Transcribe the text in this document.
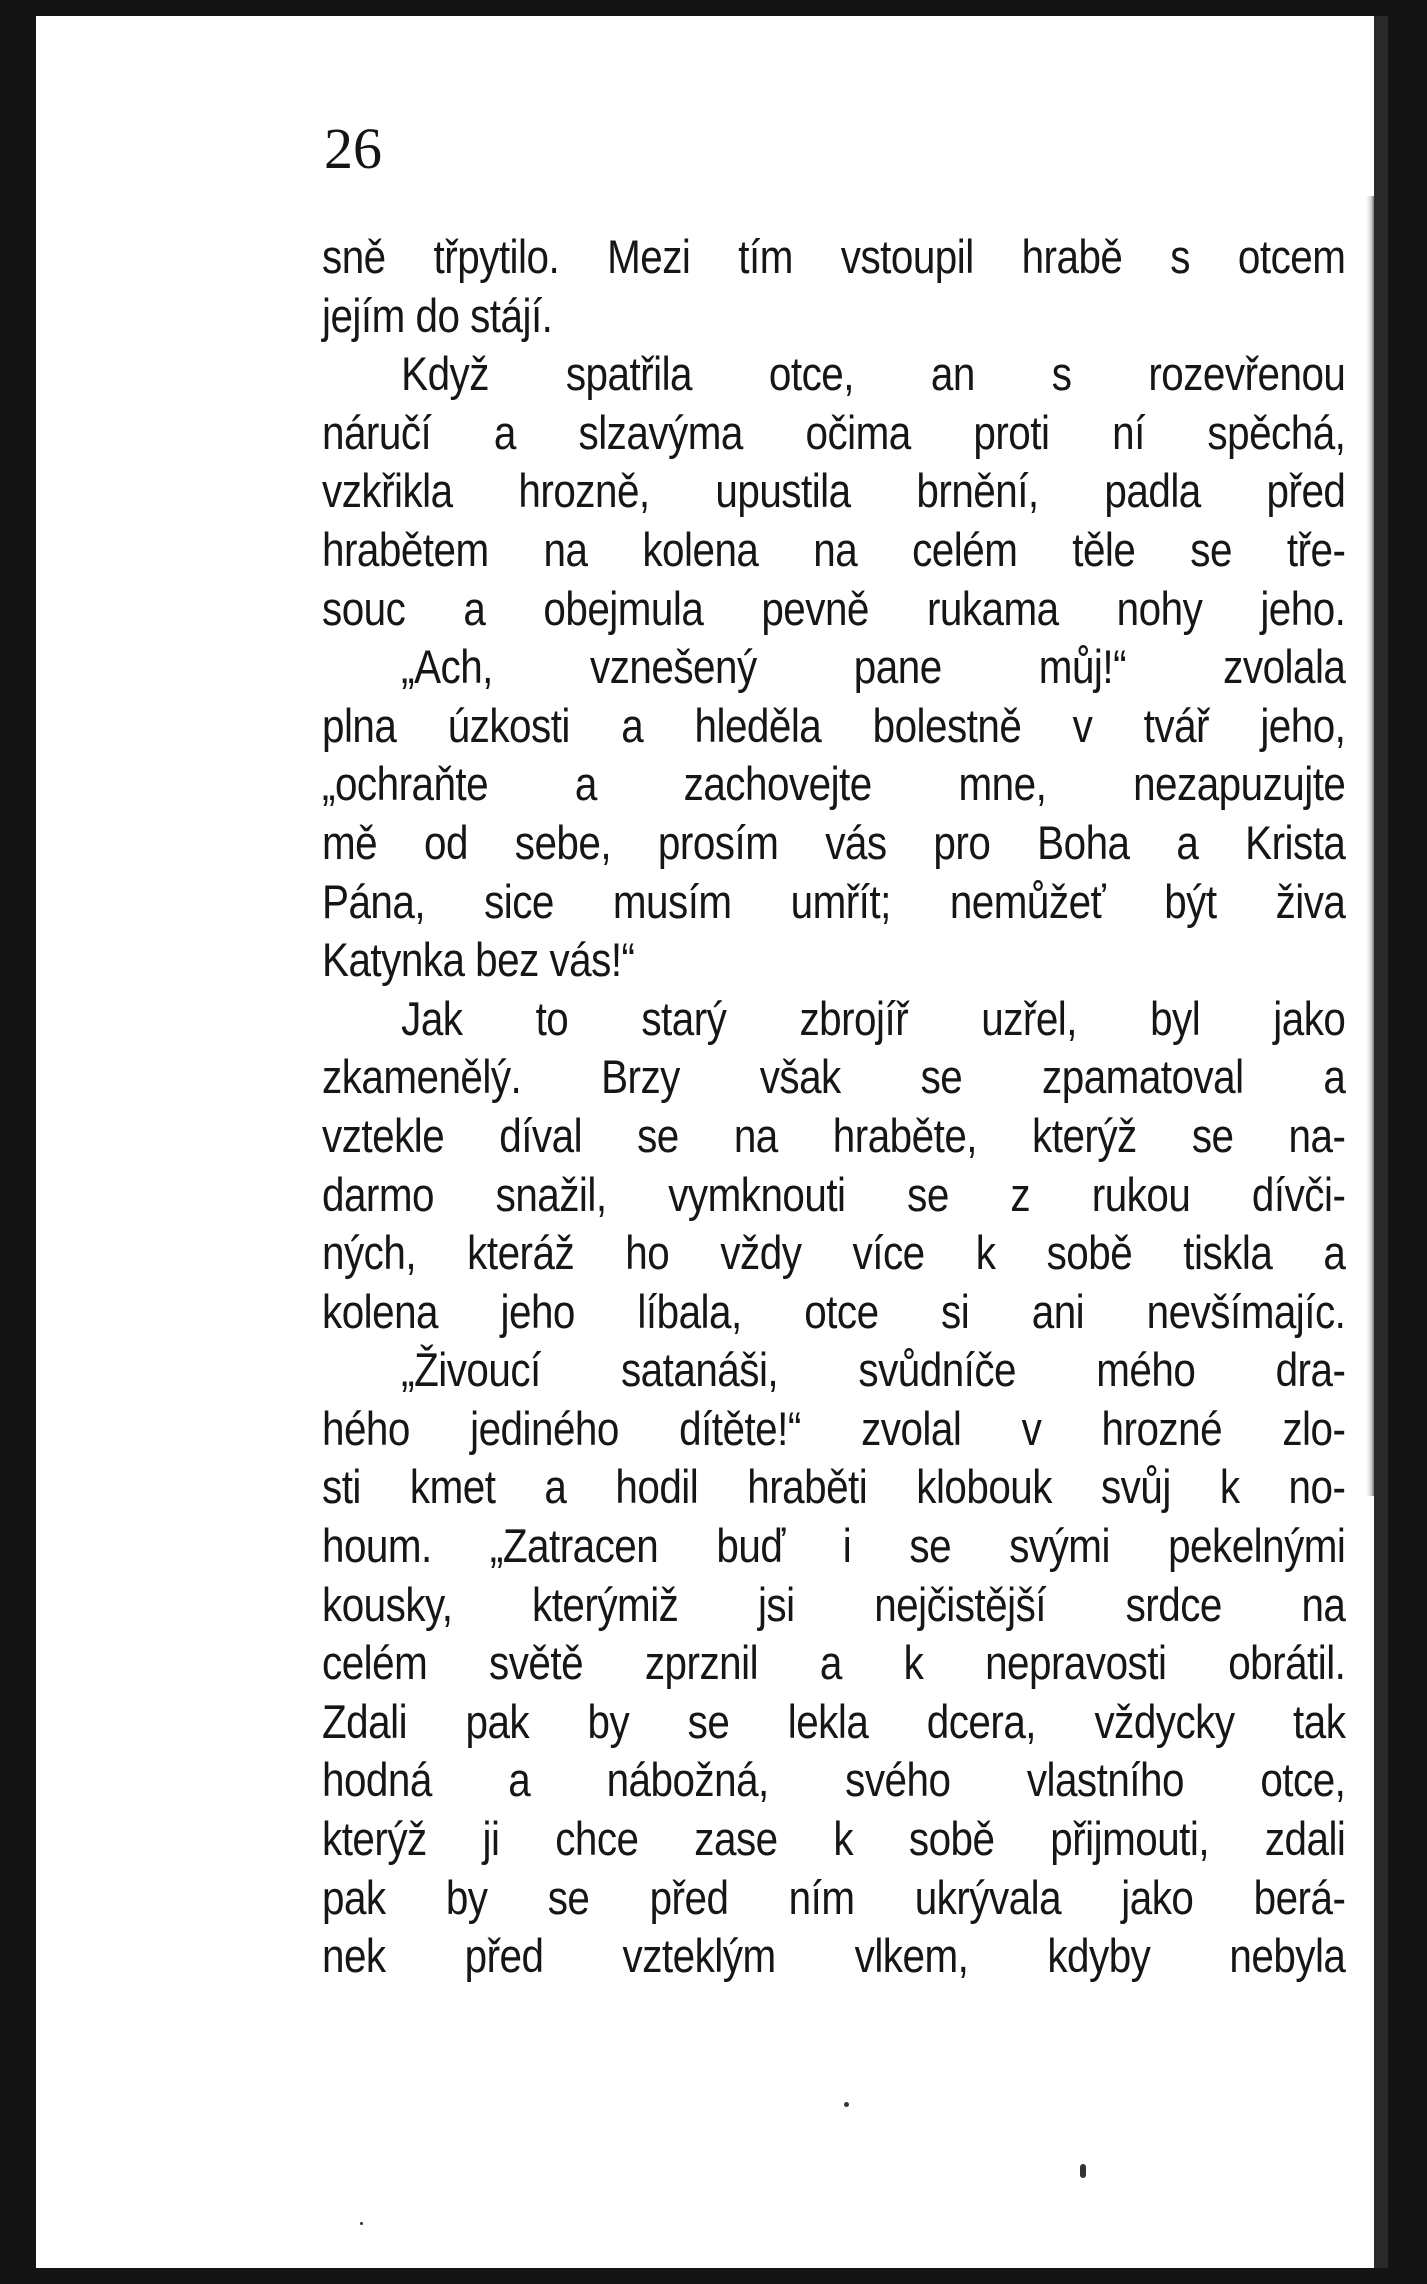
26
sně třpytilo. Mezi tím vstoupil hrabě s otcem
jejím do stájí.
Když spatřila otce, an s rozevřenou
náručí a slzavýma očima proti ní spěchá,
vzkřikla hrozně, upustila brnění, padla před
hrabětem na kolena na celém těle se tře-
souc a obejmula pevně rukama nohy jeho.
„Ach, vznešený pane můj!“ zvolala
plna úzkosti a hleděla bolestně v tvář jeho,
„ochraňte a zachovejte mne, nezapuzujte
mě od sebe, prosím vás pro Boha a Krista
Pána, sice musím umřít; nemůžeť být živa
Katynka bez vás!“
Jak to starý zbrojíř uzřel, byl jako
zkamenělý. Brzy však se zpamatoval a
vztekle díval se na hraběte, kterýž se na-
darmo snažil, vymknouti se z rukou dívči-
ných, kteráž ho vždy více k sobě tiskla a
kolena jeho líbala, otce si ani nevšímajíc.
„Živoucí satanáši, svůdníče mého dra-
hého jediného dítěte!“ zvolal v hrozné zlo-
sti kmet a hodil hraběti klobouk svůj k no-
houm. „Zatracen buď i se svými pekelnými
kousky, kterýmiž jsi nejčistější srdce na
celém světě zprznil a k nepravosti obrátil.
Zdali pak by se lekla dcera, vždycky tak
hodná a nábožná, svého vlastního otce,
kterýž ji chce zase k sobě přijmouti, zdali
pak by se před ním ukrývala jako berá-
nek před vzteklým vlkem, kdyby nebyla
